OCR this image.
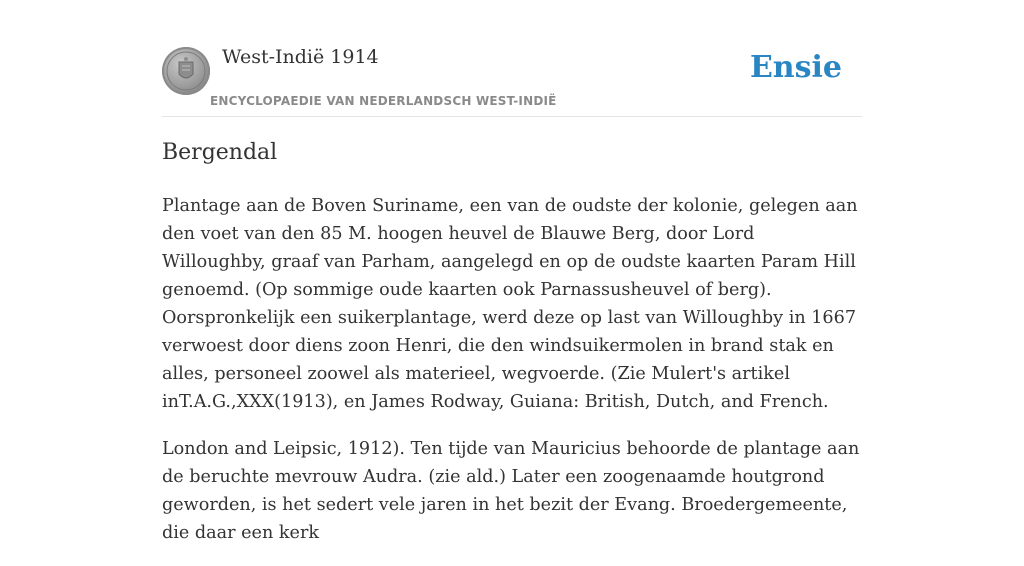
West-Indië 1914
ENCYCLOPAEDIE VAN NEDERLANDSCH WEST-INDIË
Ensie
Bergendal

Plantage aan de Boven Suriname, een van de oudste der kolonie, gelegen aan den voet van den 85 M. hoogen heuvel de Blauwe Berg, door Lord Willoughby, graaf van Parham, aangelegd en op de oudste kaarten Param Hill genoemd. (Op sommige oude kaarten ook Parnassusheuvel of berg). Oorspronkelijk een suikerplantage, werd deze op last van Willoughby in 1667 verwoest door diens zoon Henri, die den windsuikermolen in brand stak en alles, personeel zoowel als materieel, wegvoerde. (Zie Mulert's artikel inT.A.G.,XXX(1913), en James Rodway, Guiana: British, Dutch, and French.

London and Leipsic, 1912). Ten tijde van Mauricius behoorde de plantage aan de beruchte mevrouw Audra. (zie ald.) Later een zoogenaamde houtgrond geworden, is het sedert vele jaren in het bezit der Evang. Broedergemeente, die daar een kerk
